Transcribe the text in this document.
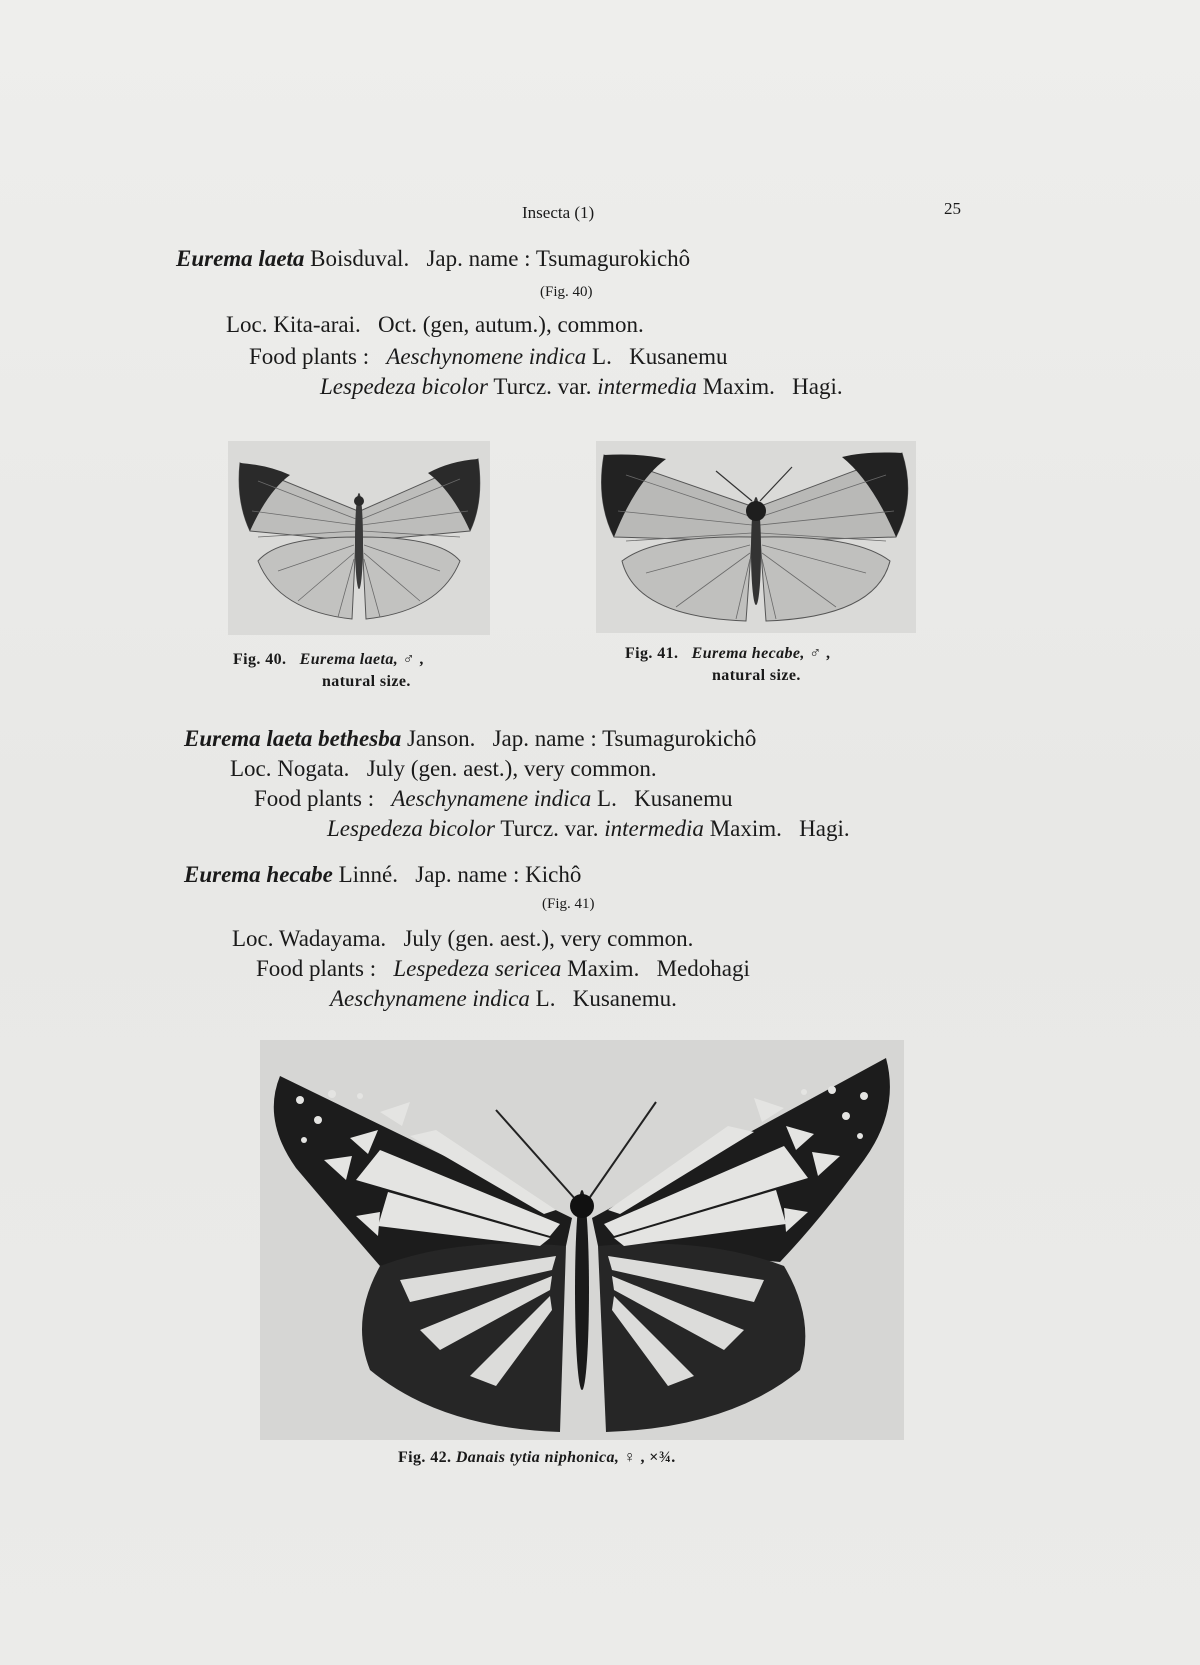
Insecta (1)	25
Eurema laeta Boisduval. Jap. name : Tsumagurokichô
(Fig. 40)
Loc. Kita-arai. Oct. (gen, autum.), common.
Food plants : Aeschynomene indica L. Kusanemu
Lespedeza bicolor Turcz. var. intermedia Maxim. Hagi.
Fig. 40. Eurema laeta, ♂ ,
natural size.
Fig. 41. Eurema hecabe, ♂ ,
natural size.
Eurema laeta bethesba Janson. Jap. name : Tsumagurokichô
Loc. Nogata. July (gen. aest.), very common.
Food plants : Aeschynamene indica L. Kusanemu
Lespedeza bicolor Turcz. var. intermedia Maxim. Hagi.
Eurema hecabe Linné. Jap. name : Kichô
(Fig. 41)
Loc. Wadayama. July (gen. aest.), very common.
Food plants : Lespedeza sericea Maxim. Medohagi
Aeschynamene indica L. Kusanemu.
Fig. 42. Danais tytia niphonica, ♀ , ×¾.
